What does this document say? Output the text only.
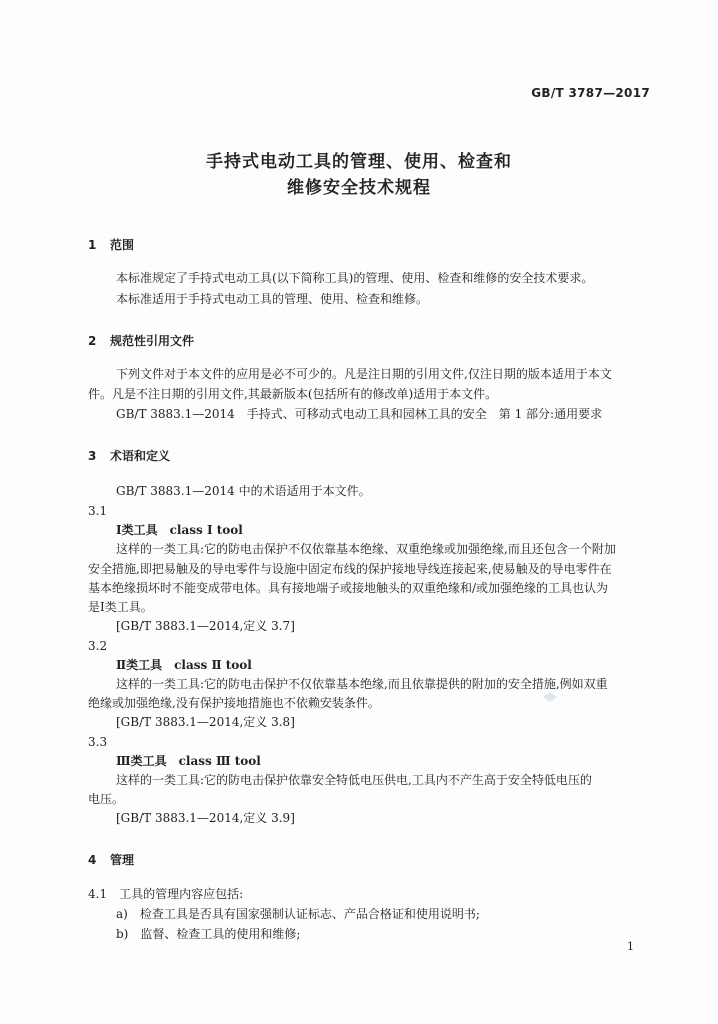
GB/T 3787—2017
手持式电动工具的管理、使用、检查和
维修安全技术规程
1 范围
本标准规定了手持式电动工具(以下简称工具)的管理、使用、检查和维修的安全技术要求。
本标准适用于手持式电动工具的管理、使用、检查和维修。
2 规范性引用文件
下列文件对于本文件的应用是必不可少的。凡是注日期的引用文件,仅注日期的版本适用于本文
件。凡是不注日期的引用文件,其最新版本(包括所有的修改单)适用于本文件。
GB/T 3883.1—2014　手持式、可移动式电动工具和园林工具的安全　第 1 部分:通用要求
3 术语和定义
GB/T 3883.1—2014 中的术语适用于本文件。
3.1
Ⅰ类工具　class Ⅰ tool
这样的一类工具:它的防电击保护不仅依靠基本绝缘、双重绝缘或加强绝缘,而且还包含一个附加
安全措施,即把易触及的导电零件与设施中固定布线的保护接地导线连接起来,使易触及的导电零件在
基本绝缘损坏时不能变成带电体。具有接地端子或接地触头的双重绝缘和/或加强绝缘的工具也认为
是Ⅰ类工具。
[GB/T 3883.1—2014,定义 3.7]
3.2
Ⅱ类工具　class Ⅱ tool
这样的一类工具:它的防电击保护不仅依靠基本绝缘,而且依靠提供的附加的安全措施,例如双重
绝缘或加强绝缘,没有保护接地措施也不依赖安装条件。
[GB/T 3883.1—2014,定义 3.8]
3.3
Ⅲ类工具　class Ⅲ tool
这样的一类工具:它的防电击保护依靠安全特低电压供电,工具内不产生高于安全特低电压的
电压。
[GB/T 3883.1—2014,定义 3.9]
4 管理
4.1　工具的管理内容应包括:
a)　检查工具是否具有国家强制认证标志、产品合格证和使用说明书;
b)　监督、检查工具的使用和维修;
1
